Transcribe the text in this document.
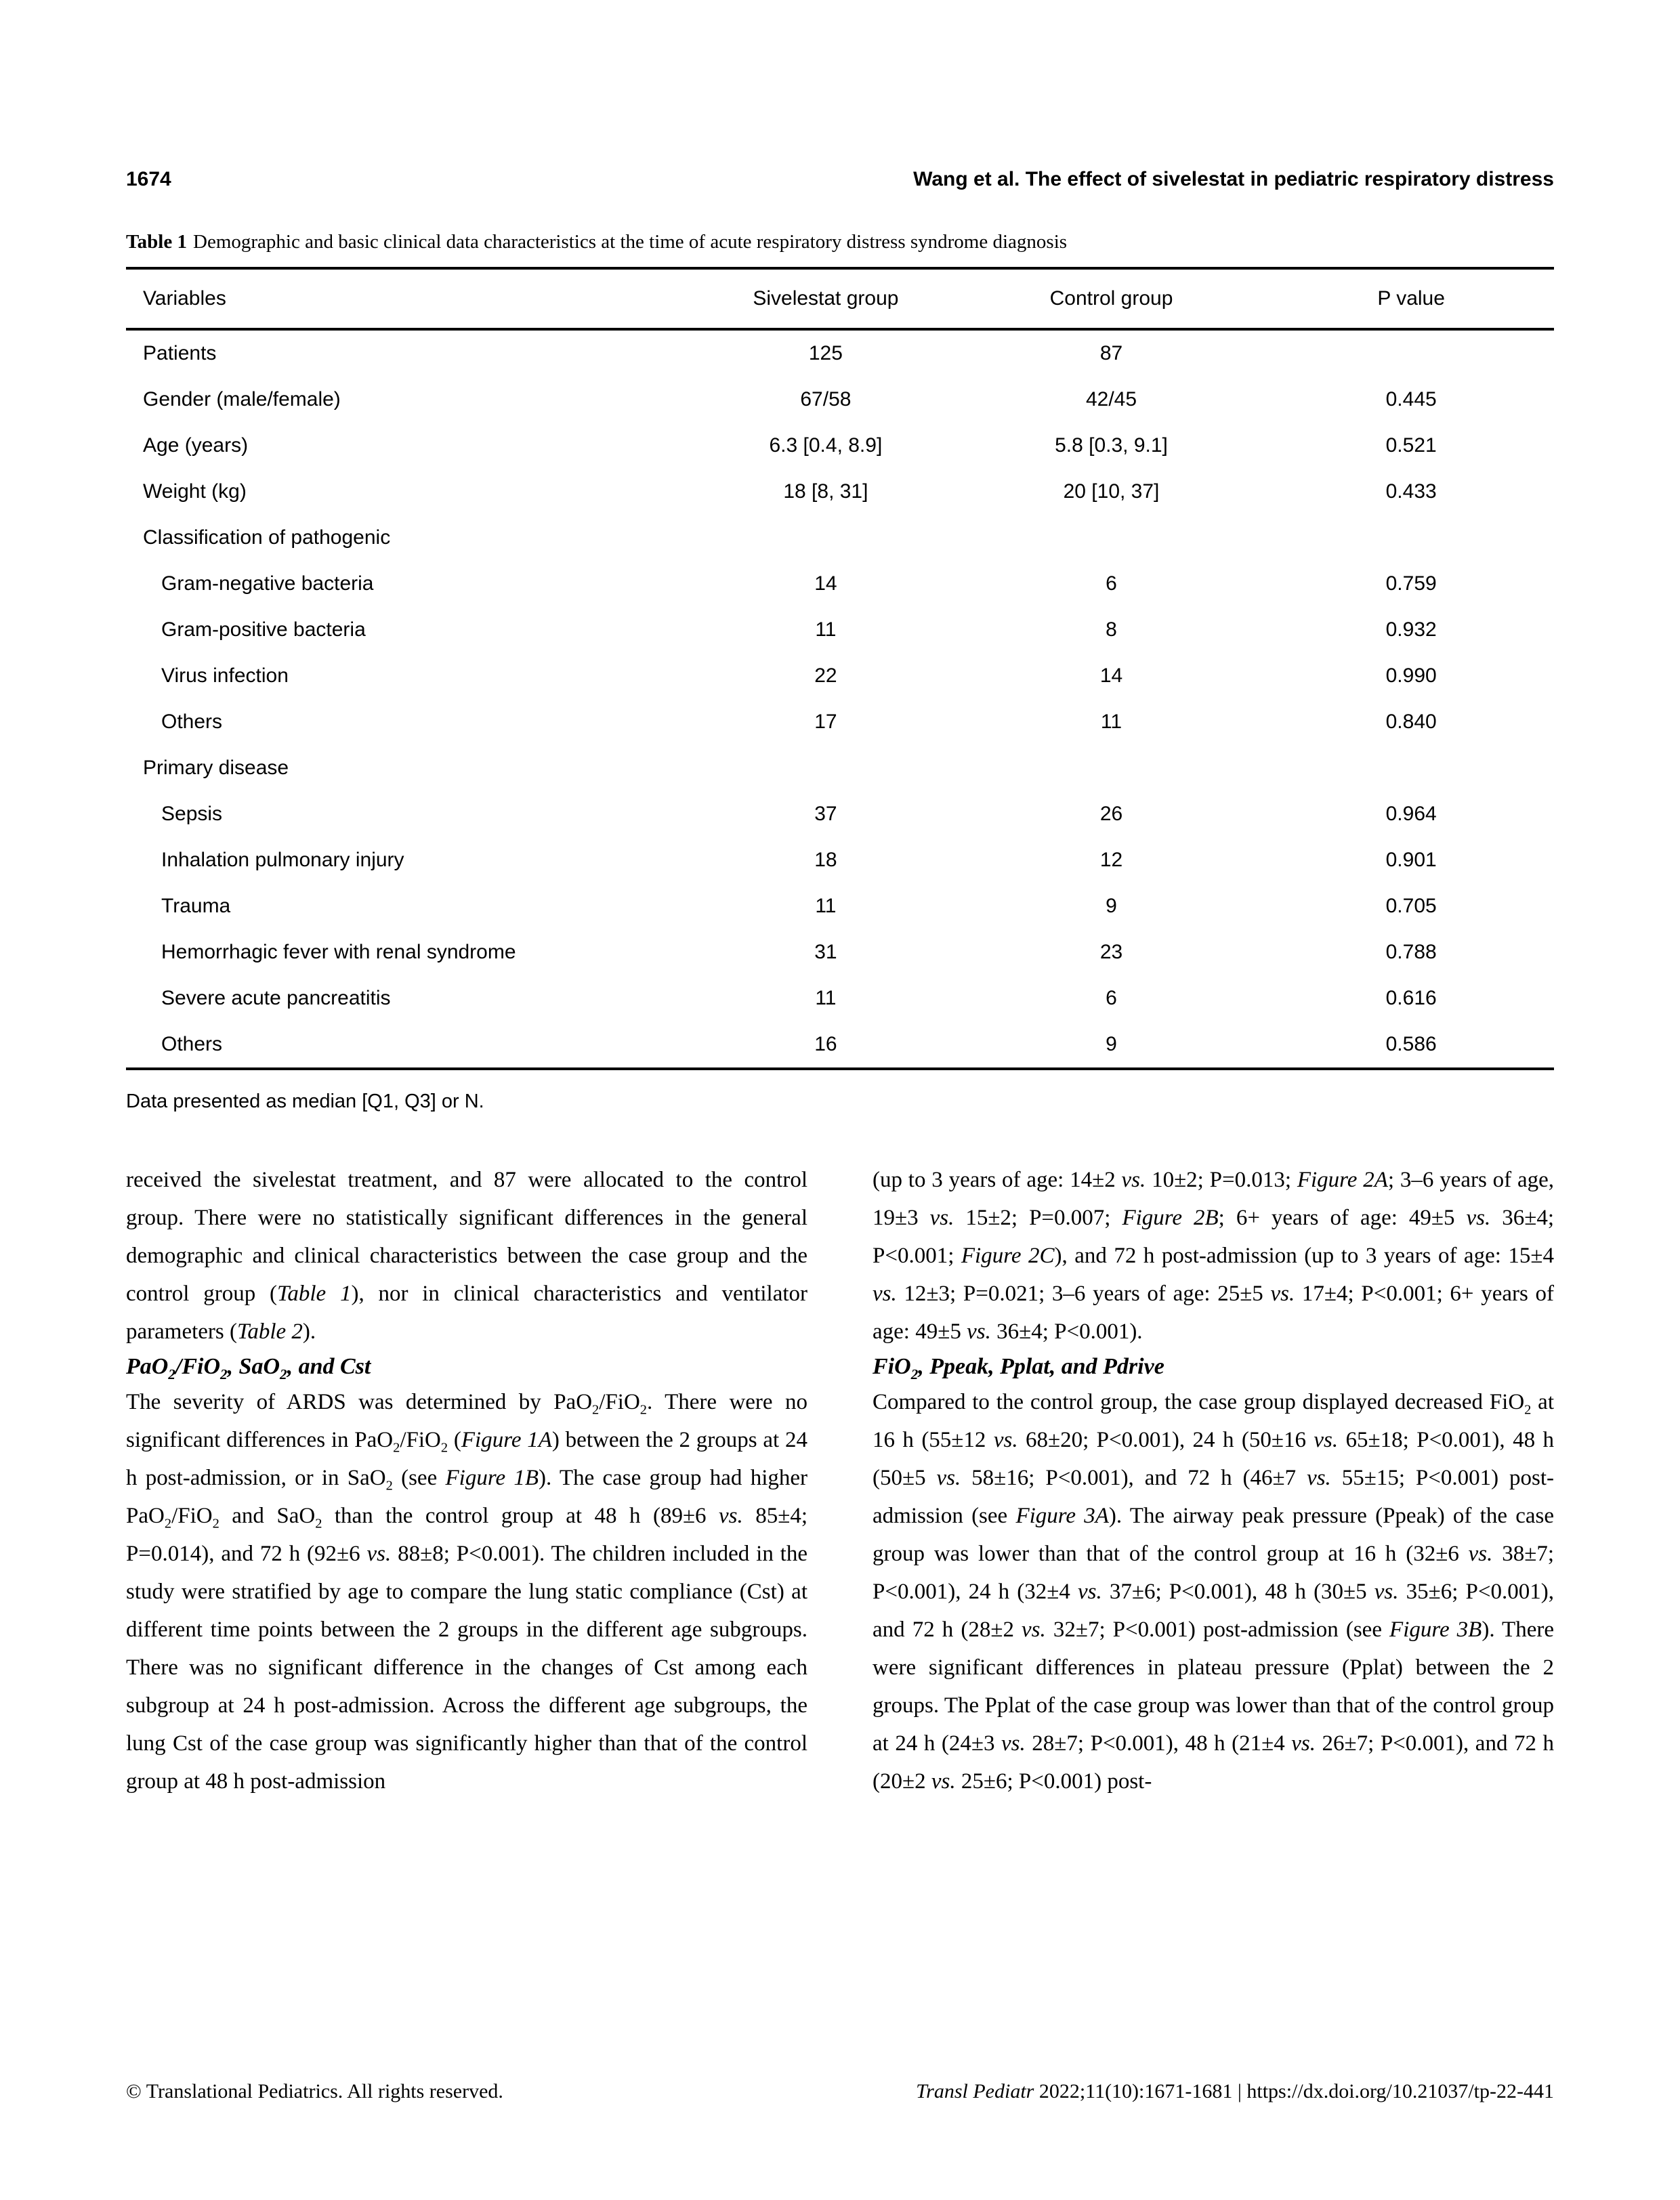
1674	Wang et al. The effect of sivelestat in pediatric respiratory distress
Table 1 Demographic and basic clinical data characteristics at the time of acute respiratory distress syndrome diagnosis
Variables	Sivelestat group	Control group	P value
Patients	125	87
Gender (male/female)	67/58	42/45	0.445
Age (years)	6.3 [0.4, 8.9]	5.8 [0.3, 9.1]	0.521
Weight (kg)	18 [8, 31]	20 [10, 37]	0.433
Classification of pathogenic
Gram-negative bacteria	14	6	0.759
Gram-positive bacteria	11	8	0.932
Virus infection	22	14	0.990
Others	17	11	0.840
Primary disease
Sepsis	37	26	0.964
Inhalation pulmonary injury	18	12	0.901
Trauma	11	9	0.705
Hemorrhagic fever with renal syndrome	31	23	0.788
Severe acute pancreatitis	11	6	0.616
Others	16	9	0.586
Data presented as median [Q1, Q3] or N.

received the sivelestat treatment, and 87 were allocated to the control group. There were no statistically significant differences in the general demographic and clinical characteristics between the case group and the control group (Table 1), nor in clinical characteristics and ventilator parameters (Table 2).

PaO$_2$/FiO$_2$, SaO$_2$, and Cst

The severity of ARDS was determined by PaO$_2$/FiO$_2$. There were no significant differences in PaO$_2$/FiO$_2$ (Figure 1A) between the 2 groups at 24 h post-admission, or in SaO$_2$ (see Figure 1B). The case group had higher PaO$_2$/FiO$_2$ and SaO$_2$ than the control group at 48 h (89±6 vs. 85±4; P=0.014), and 72 h (92±6 vs. 88±8; P<0.001). The children included in the study were stratified by age to compare the lung static compliance (Cst) at different time points between the 2 groups in the different age subgroups. There was no significant difference in the changes of Cst among each subgroup at 24 h post-admission. Across the different age subgroups, the lung Cst of the case group was significantly higher than that of the control group at 48 h post-admission

(up to 3 years of age: 14±2 vs. 10±2; P=0.013; Figure 2A; 3–6 years of age, 19±3 vs. 15±2; P=0.007; Figure 2B; 6+ years of age: 49±5 vs. 36±4; P<0.001; Figure 2C), and 72 h post-admission (up to 3 years of age: 15±4 vs. 12±3; P=0.021; 3–6 years of age: 25±5 vs. 17±4; P<0.001; 6+ years of age: 49±5 vs. 36±4; P<0.001).

FiO$_2$, Ppeak, Pplat, and Pdrive

Compared to the control group, the case group displayed decreased FiO$_2$ at 16 h (55±12 vs. 68±20; P<0.001), 24 h (50±16 vs. 65±18; P<0.001), 48 h (50±5 vs. 58±16; P<0.001), and 72 h (46±7 vs. 55±15; P<0.001) post-admission (see Figure 3A). The airway peak pressure (Ppeak) of the case group was lower than that of the control group at 16 h (32±6 vs. 38±7; P<0.001), 24 h (32±4 vs. 37±6; P<0.001), 48 h (30±5 vs. 35±6; P<0.001), and 72 h (28±2 vs. 32±7; P<0.001) post-admission (see Figure 3B). There were significant differences in plateau pressure (Pplat) between the 2 groups. The Pplat of the case group was lower than that of the control group at 24 h (24±3 vs. 28±7; P<0.001), 48 h (21±4 vs. 26±7; P<0.001), and 72 h (20±2 vs. 25±6; P<0.001) post-

© Translational Pediatrics. All rights reserved.	Transl Pediatr 2022;11(10):1671-1681 | https://dx.doi.org/10.21037/tp-22-441
